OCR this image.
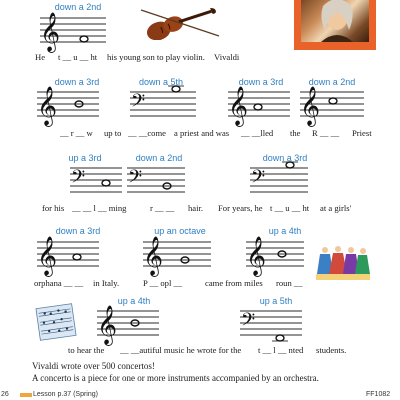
down a 2nd
𝄞
He t __ u __ ht his young son to play violin. Vivaldi
down a 3rd	down a 5th	down a 3rd	down a 2nd
𝄞	𝄢 𝄞 𝄞
__ r __ w up to __ __come a priest and was __ __lled the R __ __ Priest
up a 3rd	down a 2nd	down a 3rd
𝄢 𝄢	𝄢
for his __ __ l __ ming	r __ __ hair. For years, he t __ u __ ht at a girls'
down a 3rd	up an octave	up a 4th
𝄞	𝄞 𝄞
orphana __ __ in Italy.	P __ opl __	came from miles roun __
up a 4th	up a 5th
𝄞	𝄢
to hear the __ __autiful music he wrote for the t __ l __ nted students.
Vivaldi wrote over 500 concertos!
A concerto is a piece for one or more instruments accompanied by an orchestra.
26	Lesson p.37 (Spring)	FF1082
